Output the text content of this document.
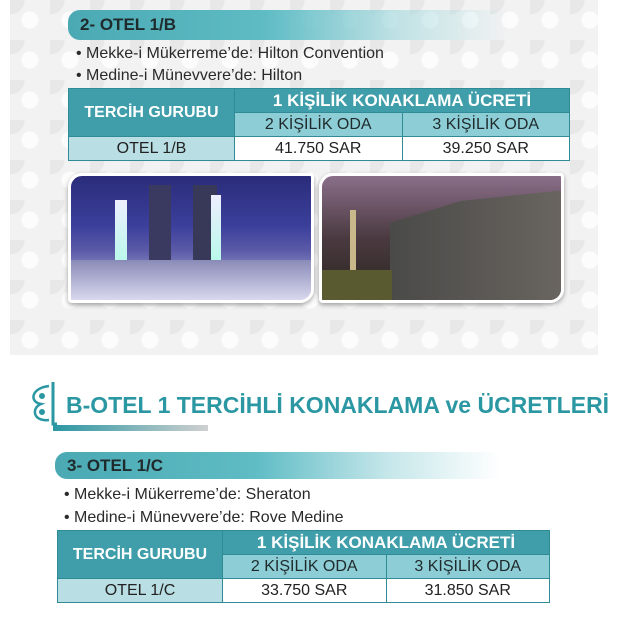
2- OTEL 1/B
• Mekke-i Mükerreme’de: Hilton Convention
• Medine-i Münevvere’de: Hilton
TERCİH GURUBU	1 KİŞİLİK KONAKLAMA ÜCRETİ	
	2 KİŞİLİK ODA	3 KİŞİLİK ODA
OTEL 1/B	41.750 SAR	39.250 SAR
B-OTEL 1 TERCİHLİ KONAKLAMA ve ÜCRETLERİ
3- OTEL 1/C
• Mekke-i Mükerreme’de: Sheraton
• Medine-i Münevvere’de: Rove Medine
TERCİH GURUBU	1 KİŞİLİK KONAKLAMA ÜCRETİ	
	2 KİŞİLİK ODA	3 KİŞİLİK ODA
OTEL 1/C	33.750 SAR	31.850 SAR
